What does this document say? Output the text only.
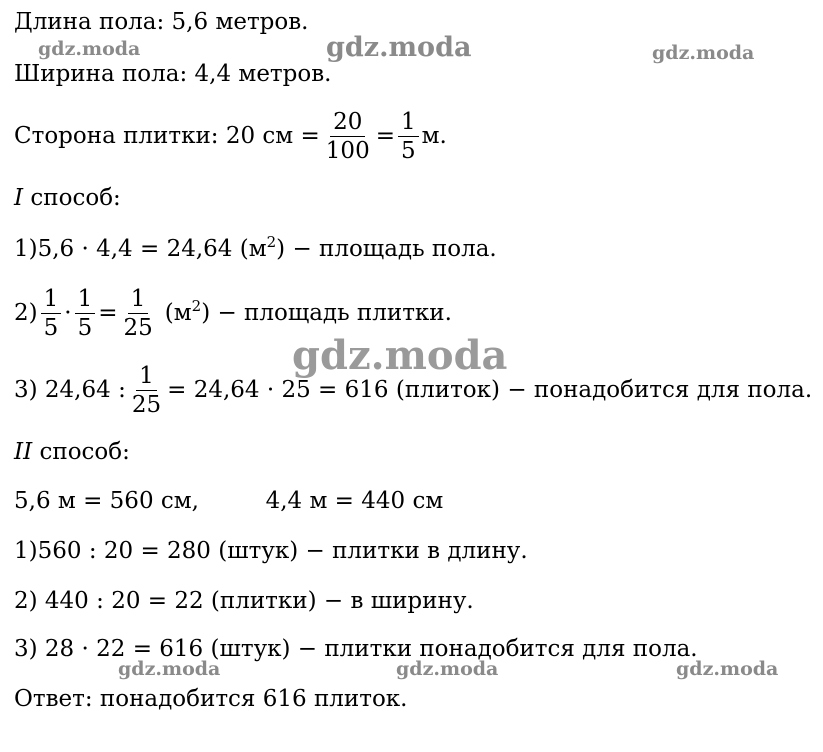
gdz.moda	gdz.moda	gdz.moda
gdz.moda
gdz.moda	gdz.moda	gdz.moda
Длина пола: 5,6 метров.
Ширина пола: 4,4 метров.
Сторона плитки: 20 см = $\frac{20}{100} = \frac{1}{5} м$.
I способ:
1)5,6 · 4,4 = 24,64 $(м^2)$ − площадь пола.
$2) \frac{1}{5} \cdot \frac{1}{5} = \frac{1}{25} (м^2)$ − площадь плитки.
3) 24,64 : $\frac{1}{25} = 24,64 \cdot 25 = 616$ (плиток) − понадобится для пола.
II способ:
5,6 м = 560 см,	4,4 м = 440 см
1)560 : 20 = 280 (штук) − плитки в длину.
2) 440 : 20 = 22 (плитки) − в ширину.
3) 28 · 22 = 616 (штук) − плитки понадобится для пола.
Ответ: понадобится 616 плиток.
